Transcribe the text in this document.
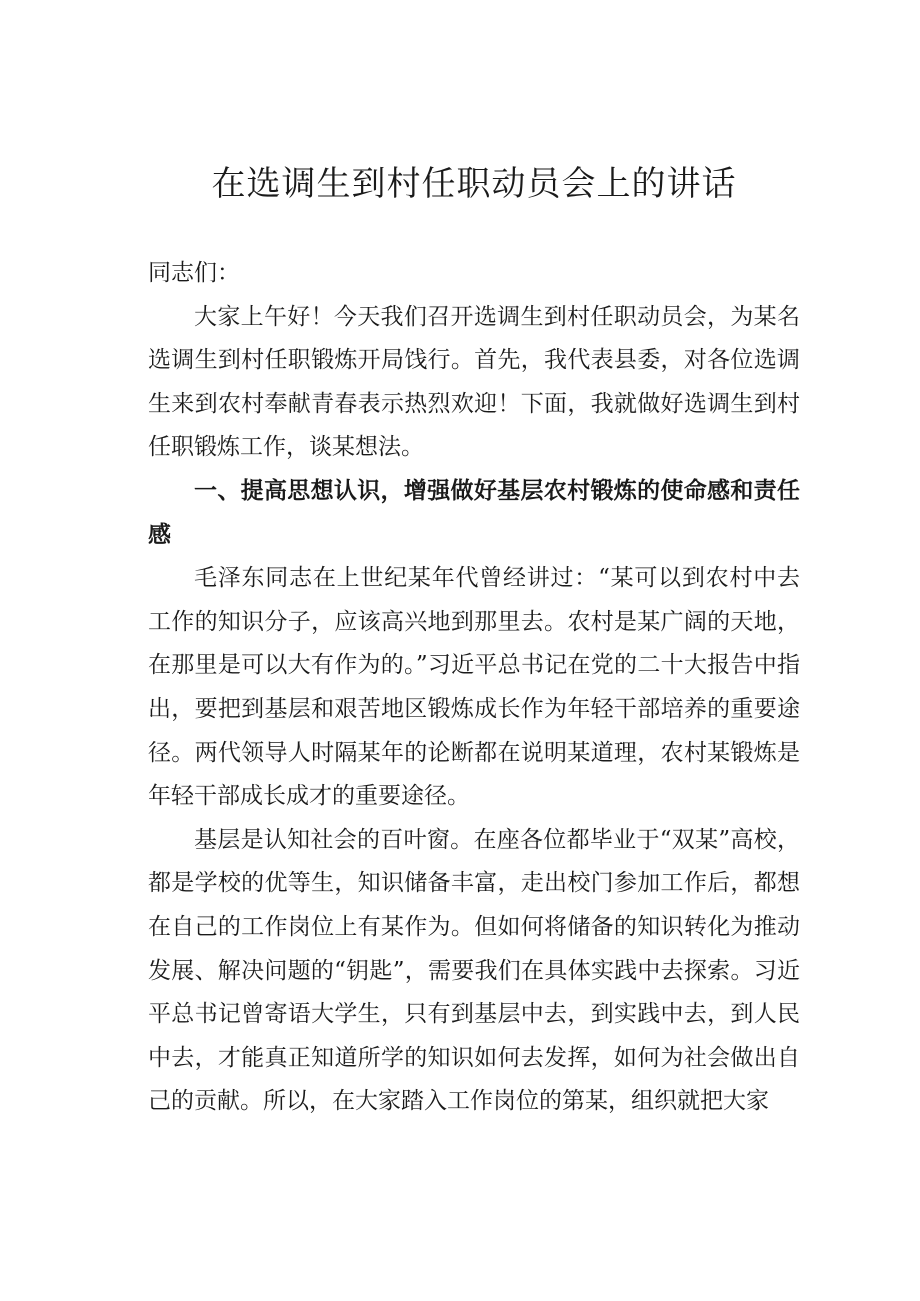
在选调生到村任职动员会上的讲话

同志们：

大家上午好！今天我们召开选调生到村任职动员会，为某名选调生到村任职锻炼开局饯行。首先，我代表县委，对各位选调生来到农村奉献青春表示热烈欢迎！下面，我就做好选调生到村任职锻炼工作，谈某想法。

一、提高思想认识，增强做好基层农村锻炼的使命感和责任感

毛泽东同志在上世纪某年代曾经讲过：“某可以到农村中去工作的知识分子，应该高兴地到那里去。农村是某广阔的天地，在那里是可以大有作为的。”习近平总书记在党的二十大报告中指出，要把到基层和艰苦地区锻炼成长作为年轻干部培养的重要途径。两代领导人时隔某年的论断都在说明某道理，农村某锻炼是年轻干部成长成才的重要途径。

基层是认知社会的百叶窗。在座各位都毕业于“双某”高校，都是学校的优等生，知识储备丰富，走出校门参加工作后，都想在自己的工作岗位上有某作为。但如何将储备的知识转化为推动发展、解决问题的“钥匙”，需要我们在具体实践中去探索。习近平总书记曾寄语大学生，只有到基层中去，到实践中去，到人民中去，才能真正知道所学的知识如何去发挥，如何为社会做出自己的贡献。所以，在大家踏入工作岗位的第某，组织就把大家
